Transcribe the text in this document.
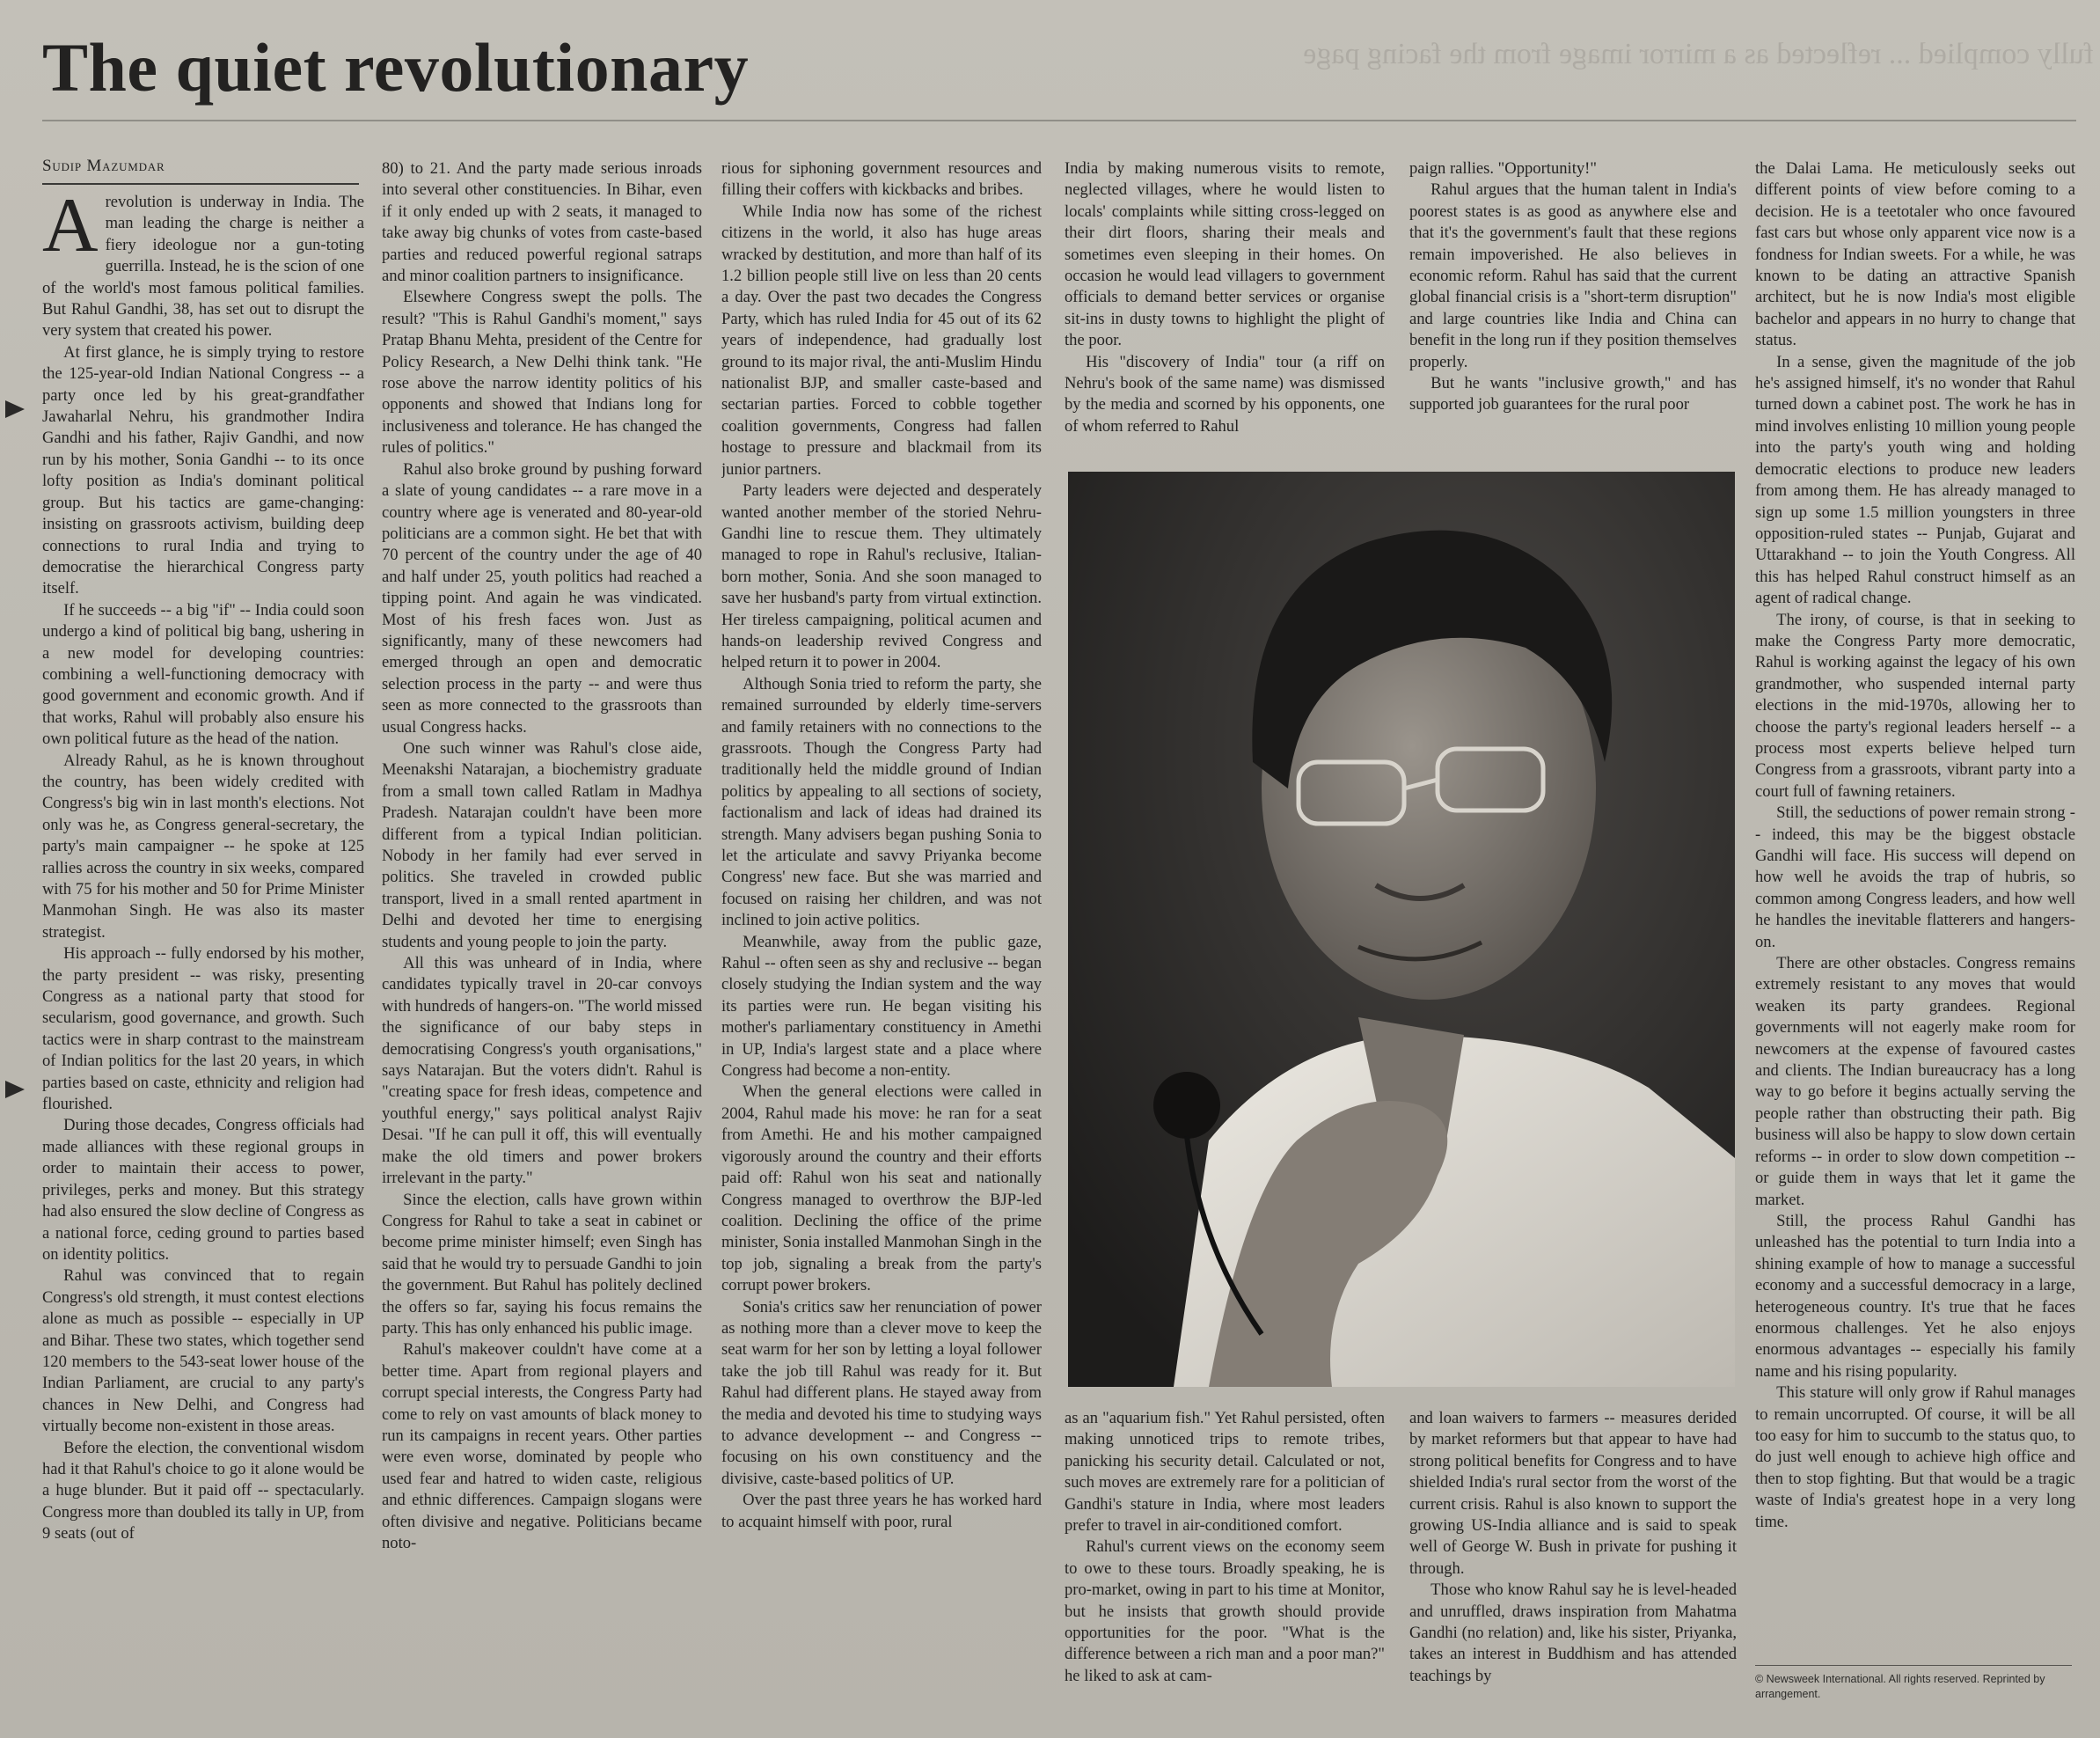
fully complied ... reflected as a mirror image from the facing page
The quiet revolutionary
Sudip Mazumdar

Arevolution is underway in India. The man leading the charge is neither a fiery ideologue nor a gun-toting guerrilla. Instead, he is the scion of one of the world's most famous political families. But Rahul Gandhi, 38, has set out to disrupt the very system that created his power.

At first glance, he is simply trying to restore the 125-year-old Indian National Congress -- a party once led by his great-grandfather Jawaharlal Nehru, his grandmother Indira Gandhi and his father, Rajiv Gandhi, and now run by his mother, Sonia Gandhi -- to its once lofty position as India's dominant political group. But his tactics are game-changing: insisting on grassroots activism, building deep connections to rural India and trying to democratise the hierarchical Congress party itself.

If he succeeds -- a big "if" -- India could soon undergo a kind of political big bang, ushering in a new model for developing countries: combining a well-functioning democracy with good government and economic growth. And if that works, Rahul will probably also ensure his own political future as the head of the nation.

Already Rahul, as he is known throughout the country, has been widely credited with Congress's big win in last month's elections. Not only was he, as Congress general-secretary, the party's main campaigner -- he spoke at 125 rallies across the country in six weeks, compared with 75 for his mother and 50 for Prime Minister Manmohan Singh. He was also its master strategist.

His approach -- fully endorsed by his mother, the party president -- was risky, presenting Congress as a national party that stood for secularism, good governance, and growth. Such tactics were in sharp contrast to the mainstream of Indian politics for the last 20 years, in which parties based on caste, ethnicity and religion had flourished.

During those decades, Congress officials had made alliances with these regional groups in order to maintain their access to power, privileges, perks and money. But this strategy had also ensured the slow decline of Congress as a national force, ceding ground to parties based on identity politics.

Rahul was convinced that to regain Congress's old strength, it must contest elections alone as much as possible -- especially in UP and Bihar. These two states, which together send 120 members to the 543-seat lower house of the Indian Parliament, are crucial to any party's chances in New Delhi, and Congress had virtually become non-existent in those areas.

Before the election, the conventional wisdom had it that Rahul's choice to go it alone would be a huge blunder. But it paid off -- spectacularly. Congress more than doubled its tally in UP, from 9 seats (out of

80) to 21. And the party made serious inroads into several other constituencies. In Bihar, even if it only ended up with 2 seats, it managed to take away big chunks of votes from caste-based parties and reduced powerful regional satraps and minor coalition partners to insignificance.

Elsewhere Congress swept the polls. The result? "This is Rahul Gandhi's moment," says Pratap Bhanu Mehta, president of the Centre for Policy Research, a New Delhi think tank. "He rose above the narrow identity politics of his opponents and showed that Indians long for inclusiveness and tolerance. He has changed the rules of politics."

Rahul also broke ground by pushing forward a slate of young candidates -- a rare move in a country where age is venerated and 80-year-old politicians are a common sight. He bet that with 70 percent of the country under the age of 40 and half under 25, youth politics had reached a tipping point. And again he was vindicated. Most of his fresh faces won. Just as significantly, many of these newcomers had emerged through an open and democratic selection process in the party -- and were thus seen as more connected to the grassroots than usual Congress hacks.

One such winner was Rahul's close aide, Meenakshi Natarajan, a biochemistry graduate from a small town called Ratlam in Madhya Pradesh. Natarajan couldn't have been more different from a typical Indian politician. Nobody in her family had ever served in politics. She traveled in crowded public transport, lived in a small rented apartment in Delhi and devoted her time to energising students and young people to join the party.

All this was unheard of in India, where candidates typically travel in 20-car convoys with hundreds of hangers-on. "The world missed the significance of our baby steps in democratising Congress's youth organisations," says Natarajan. But the voters didn't. Rahul is "creating space for fresh ideas, competence and youthful energy," says political analyst Rajiv Desai. "If he can pull it off, this will eventually make the old timers and power brokers irrelevant in the party."

Since the election, calls have grown within Congress for Rahul to take a seat in cabinet or become prime minister himself; even Singh has said that he would try to persuade Gandhi to join the government. But Rahul has politely declined the offers so far, saying his focus remains the party. This has only enhanced his public image.

Rahul's makeover couldn't have come at a better time. Apart from regional players and corrupt special interests, the Congress Party had come to rely on vast amounts of black money to run its campaigns in recent years. Other parties were even worse, dominated by people who used fear and hatred to widen caste, religious and ethnic differences. Campaign slogans were often divisive and negative. Politicians became noto-

rious for siphoning government resources and filling their coffers with kickbacks and bribes.

While India now has some of the richest citizens in the world, it also has huge areas wracked by destitution, and more than half of its 1.2 billion people still live on less than 20 cents a day. Over the past two decades the Congress Party, which has ruled India for 45 out of its 62 years of independence, had gradually lost ground to its major rival, the anti-Muslim Hindu nationalist BJP, and smaller caste-based and sectarian parties. Forced to cobble together coalition governments, Congress had fallen hostage to pressure and blackmail from its junior partners.

Party leaders were dejected and desperately wanted another member of the storied Nehru-Gandhi line to rescue them. They ultimately managed to rope in Rahul's reclusive, Italian-born mother, Sonia. And she soon managed to save her husband's party from virtual extinction. Her tireless campaigning, political acumen and hands-on leadership revived Congress and helped return it to power in 2004.

Although Sonia tried to reform the party, she remained surrounded by elderly time-servers and family retainers with no connections to the grassroots. Though the Congress Party had traditionally held the middle ground of Indian politics by appealing to all sections of society, factionalism and lack of ideas had drained its strength. Many advisers began pushing Sonia to let the articulate and savvy Priyanka become Congress' new face. But she was married and focused on raising her children, and was not inclined to join active politics.

Meanwhile, away from the public gaze, Rahul -- often seen as shy and reclusive -- began closely studying the Indian system and the way its parties were run. He began visiting his mother's parliamentary constituency in Amethi in UP, India's largest state and a place where Congress had become a non-entity.

When the general elections were called in 2004, Rahul made his move: he ran for a seat from Amethi. He and his mother campaigned vigorously around the country and their efforts paid off: Rahul won his seat and nationally Congress managed to overthrow the BJP-led coalition. Declining the office of the prime minister, Sonia installed Manmohan Singh in the top job, signaling a break from the party's corrupt power brokers.

Sonia's critics saw her renunciation of power as nothing more than a clever move to keep the seat warm for her son by letting a loyal follower take the job till Rahul was ready for it. But Rahul had different plans. He stayed away from the media and devoted his time to studying ways to advance development -- and Congress -- focusing on his own constituency and the divisive, caste-based politics of UP.

Over the past three years he has worked hard to acquaint himself with poor, rural

India by making numerous visits to remote, neglected villages, where he would listen to locals' complaints while sitting cross-legged on their dirt floors, sharing their meals and sometimes even sleeping in their homes. On occasion he would lead villagers to government officials to demand better services or organise sit-ins in dusty towns to highlight the plight of the poor.

His "discovery of India" tour (a riff on Nehru's book of the same name) was dismissed by the media and scorned by his opponents, one of whom referred to Rahul

paign rallies. "Opportunity!"

Rahul argues that the human talent in India's poorest states is as good as anywhere else and that it's the government's fault that these regions remain impoverished. He also believes in economic reform. Rahul has said that the current global financial crisis is a "short-term disruption" and large countries like India and China can benefit in the long run if they position themselves properly.

But he wants "inclusive growth," and has supported job guarantees for the rural poor

as an "aquarium fish." Yet Rahul persisted, often making unnoticed trips to remote tribes, panicking his security detail. Calculated or not, such moves are extremely rare for a politician of Gandhi's stature in India, where most leaders prefer to travel in air-conditioned comfort.

Rahul's current views on the economy seem to owe to these tours. Broadly speaking, he is pro-market, owing in part to his time at Monitor, but he insists that growth should provide opportunities for the poor. "What is the difference between a rich man and a poor man?" he liked to ask at cam-

and loan waivers to farmers -- measures derided by market reformers but that appear to have had strong political benefits for Congress and to have shielded India's rural sector from the worst of the current crisis. Rahul is also known to support the growing US-India alliance and is said to speak well of George W. Bush in private for pushing it through.

Those who know Rahul say he is level-headed and unruffled, draws inspiration from Mahatma Gandhi (no relation) and, like his sister, Priyanka, takes an interest in Buddhism and has attended teachings by

the Dalai Lama. He meticulously seeks out different points of view before coming to a decision. He is a teetotaler who once favoured fast cars but whose only apparent vice now is a fondness for Indian sweets. For a while, he was known to be dating an attractive Spanish architect, but he is now India's most eligible bachelor and appears in no hurry to change that status.

In a sense, given the magnitude of the job he's assigned himself, it's no wonder that Rahul turned down a cabinet post. The work he has in mind involves enlisting 10 million young people into the party's youth wing and holding democratic elections to produce new leaders from among them. He has already managed to sign up some 1.5 million youngsters in three opposition-ruled states -- Punjab, Gujarat and Uttarakhand -- to join the Youth Congress. All this has helped Rahul construct himself as an agent of radical change.

The irony, of course, is that in seeking to make the Congress Party more democratic, Rahul is working against the legacy of his own grandmother, who suspended internal party elections in the mid-1970s, allowing her to choose the party's regional leaders herself -- a process most experts believe helped turn Congress from a grassroots, vibrant party into a court full of fawning retainers.

Still, the seductions of power remain strong -- indeed, this may be the biggest obstacle Gandhi will face. His success will depend on how well he avoids the trap of hubris, so common among Congress leaders, and how well he handles the inevitable flatterers and hangers-on.

There are other obstacles. Congress remains extremely resistant to any moves that would weaken its party grandees. Regional governments will not eagerly make room for newcomers at the expense of favoured castes and clients. The Indian bureaucracy has a long way to go before it begins actually serving the people rather than obstructing their path. Big business will also be happy to slow down certain reforms -- in order to slow down competition -- or guide them in ways that let it game the market.

Still, the process Rahul Gandhi has unleashed has the potential to turn India into a shining example of how to manage a successful economy and a successful democracy in a large, heterogeneous country. It's true that he faces enormous challenges. Yet he also enjoys enormous advantages -- especially his family name and his rising popularity.

This stature will only grow if Rahul manages to remain uncorrupted. Of course, it will be all too easy for him to succumb to the status quo, to do just well enough to achieve high office and then to stop fighting. But that would be a tragic waste of India's greatest hope in a very long time.

© Newsweek International. All rights reserved. Reprinted by arrangement.
